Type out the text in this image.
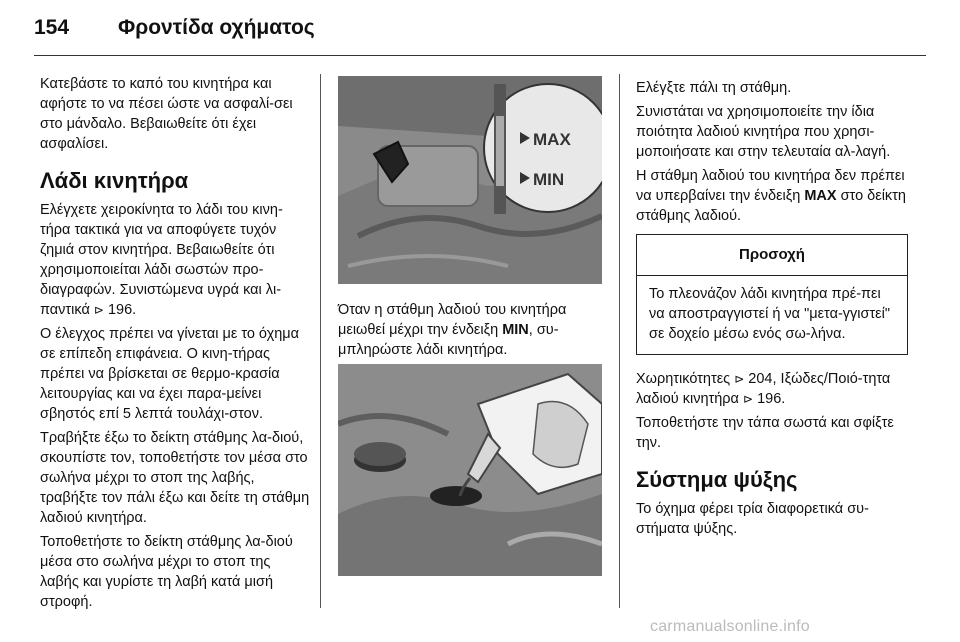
154 Φροντίδα οχήματος

Κατεβάστε το καπό του κινητήρα και αφήστε το να πέσει ώστε να ασφαλί-σει στο μάνδαλο. Βεβαιωθείτε ότι έχει ασφαλίσει.

Λάδι κινητήρα

Ελέγχετε χειροκίνητα το λάδι του κινη-τήρα τακτικά για να αποφύγετε τυχόν ζημιά στον κινητήρα. Βεβαιωθείτε ότι χρησιμοποιείται λάδι σωστών προ-διαγραφών. Συνιστώμενα υγρά και λι-παντικά ⊳ 196.

Ο έλεγχος πρέπει να γίνεται με το όχημα σε επίπεδη επιφάνεια. Ο κινη-τήρας πρέπει να βρίσκεται σε θερμο-κρασία λειτουργίας και να έχει παρα-μείνει σβηστός επί 5 λεπτά τουλάχι-στον.

Τραβήξτε έξω το δείκτη στάθμης λα-διού, σκουπίστε τον, τοποθετήστε τον μέσα στο σωλήνα μέχρι το στοπ της λαβής, τραβήξτε τον πάλι έξω και δείτε τη στάθμη λαδιού κινητήρα.

Τοποθετήστε το δείκτη στάθμης λα-διού μέσα στο σωλήνα μέχρι το στοπ της λαβής και γυρίστε τη λαβή κατά μισή στροφή.

MAX
MIN

Όταν η στάθμη λαδιού του κινητήρα μειωθεί μέχρι την ένδειξη MIN, συ-μπληρώστε λάδι κινητήρα.

Ελέγξτε πάλι τη στάθμη.

Συνιστάται να χρησιμοποιείτε την ίδια ποιότητα λαδιού κινητήρα που χρησι-μοποιήσατε και στην τελευταία αλ-λαγή.

Η στάθμη λαδιού του κινητήρα δεν πρέπει να υπερβαίνει την ένδειξη MAX στο δείκτη στάθμης λαδιού.

Προσοχή
Το πλεονάζον λάδι κινητήρα πρέ-πει να αποστραγγιστεί ή να "μετα-γγιστεί" σε δοχείο μέσω ενός σω-λήνα.

Χωρητικότητες ⊳ 204, Ιξώδες/Ποιό-τητα λαδιού κινητήρα ⊳ 196.

Τοποθετήστε την τάπα σωστά και σφίξτε την.

Σύστημα ψύξης

Το όχημα φέρει τρία διαφορετικά συ-στήματα ψύξης.

carmanualsonline.info
